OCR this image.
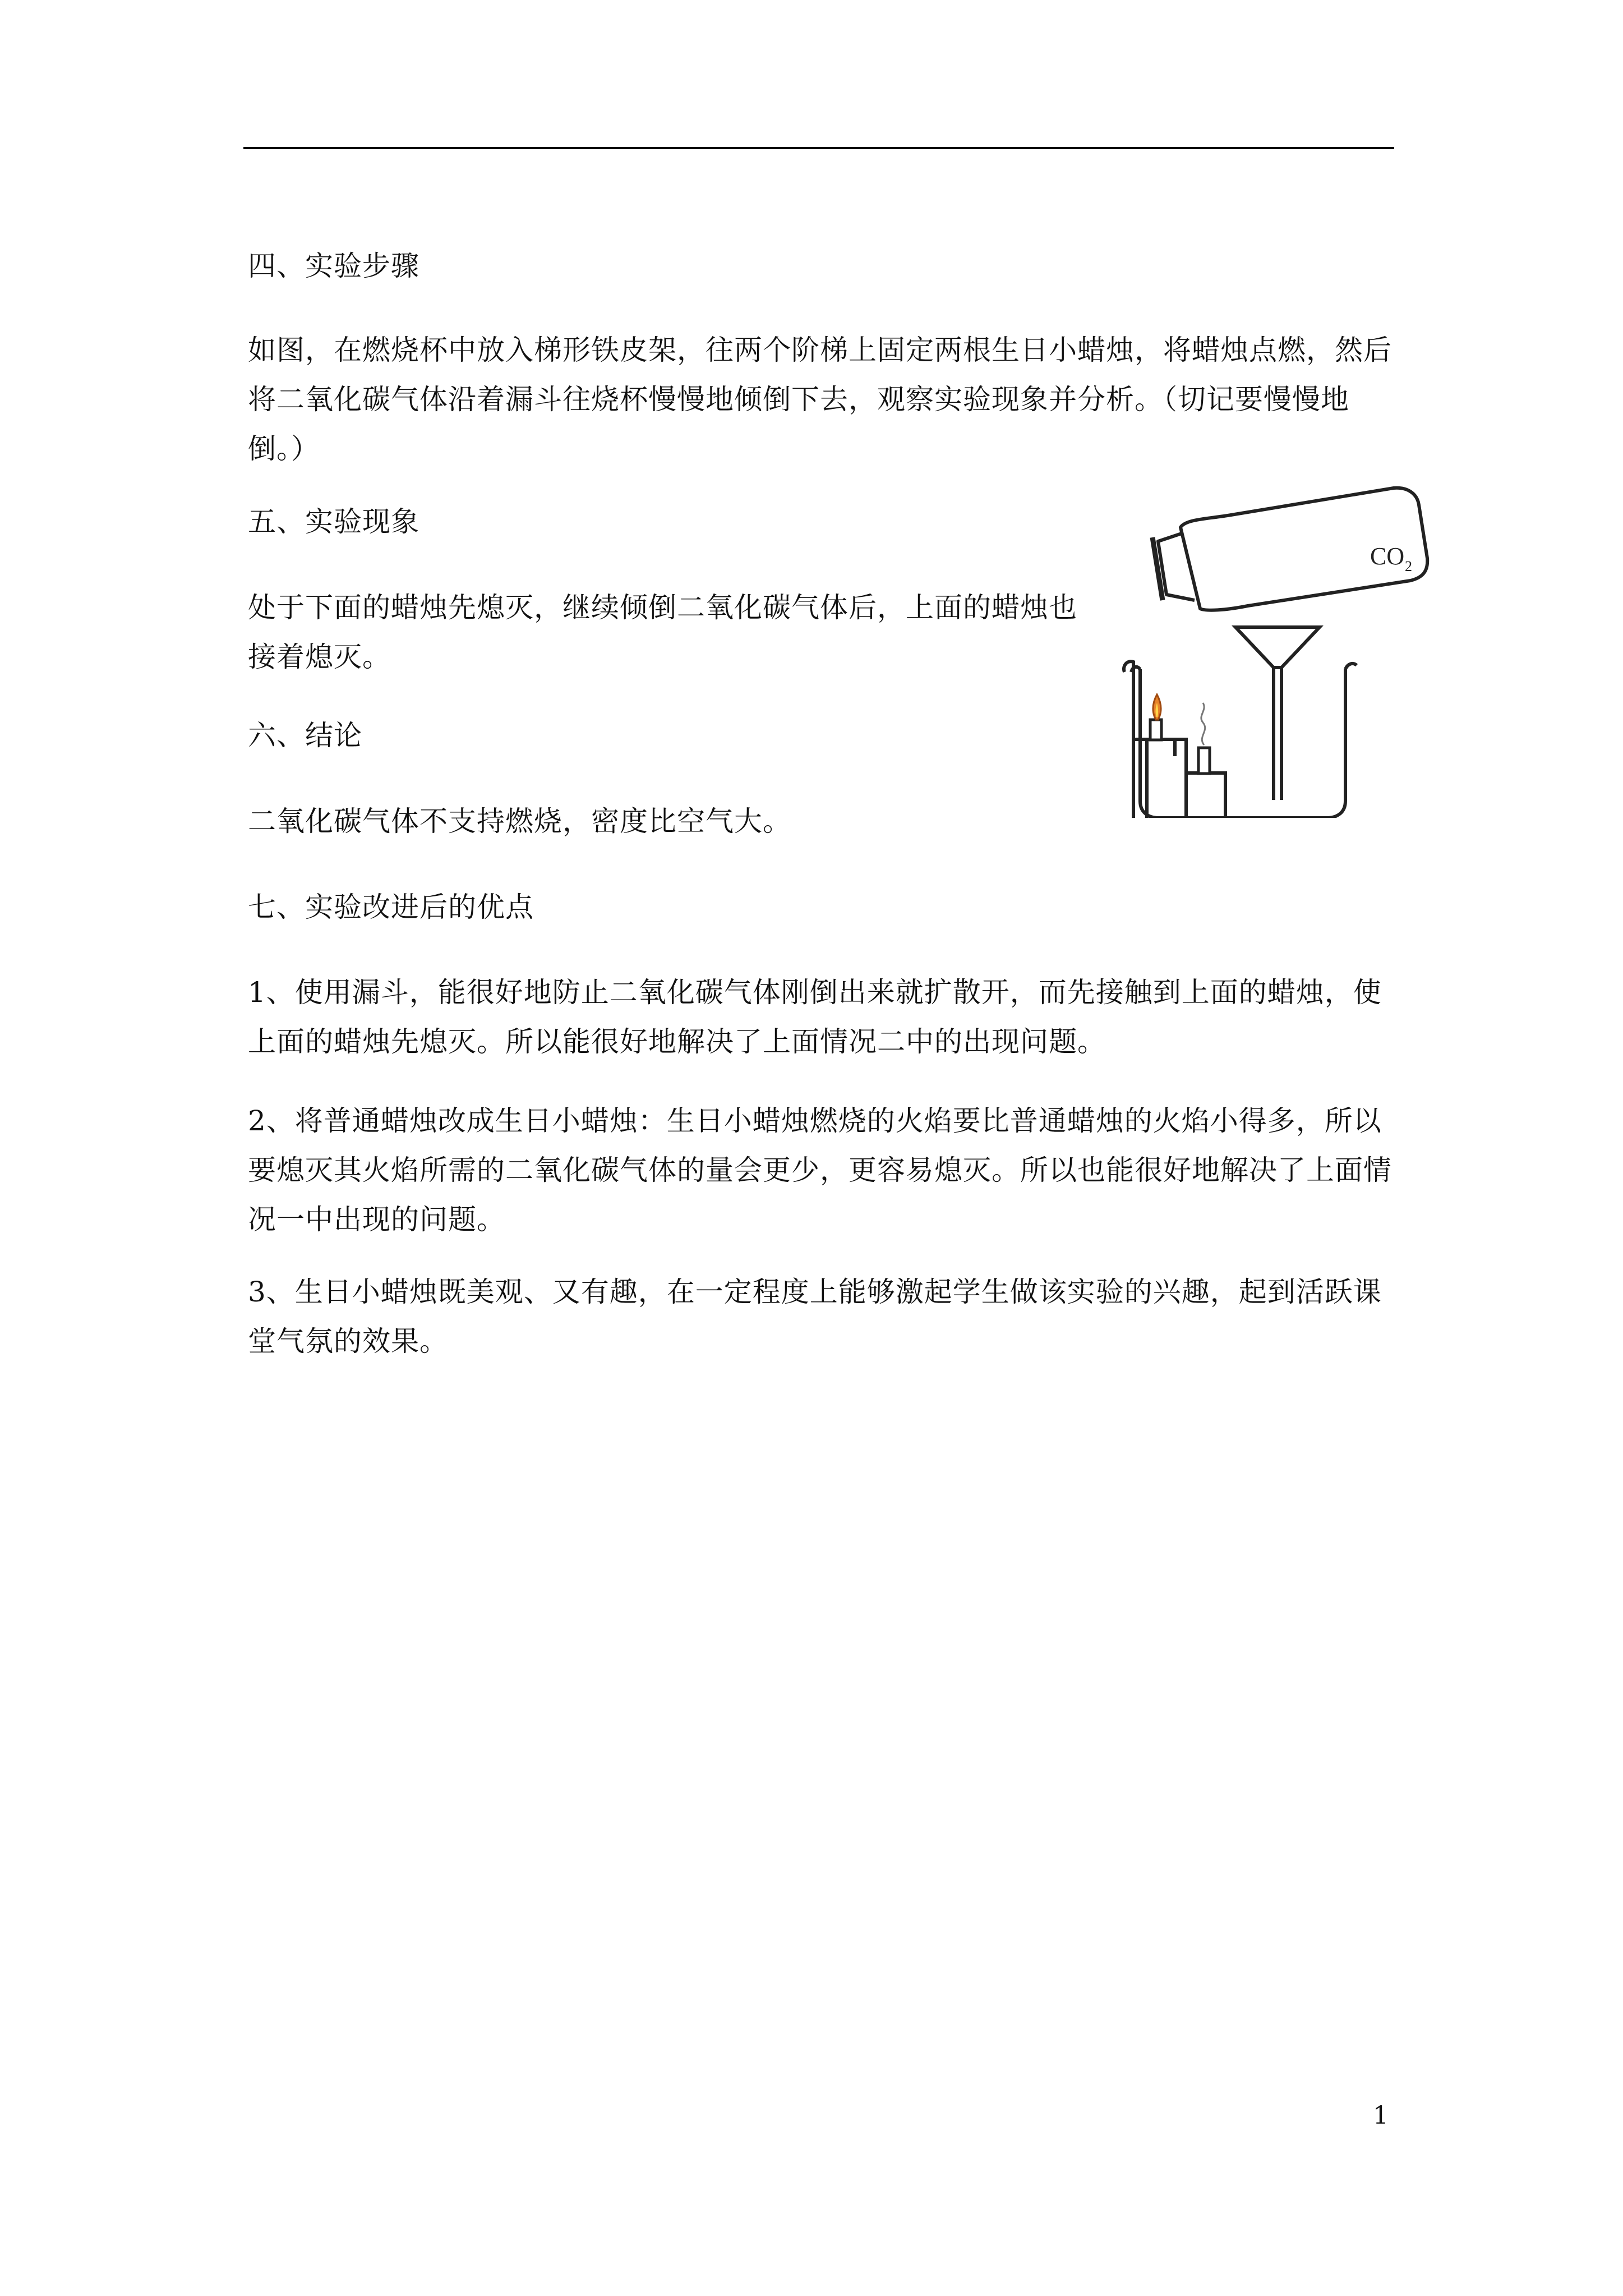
四、实验步骤
如图，在燃烧杯中放入梯形铁皮架，往两个阶梯上固定两根生日小蜡烛，将蜡烛点燃，然后
将二氧化碳气体沿着漏斗往烧杯慢慢地倾倒下去，观察实验现象并分析。（切记要慢慢地
倒。）
五、实验现象
处于下面的蜡烛先熄灭，继续倾倒二氧化碳气体后，上面的蜡烛也
接着熄灭。
六、结论
二氧化碳气体不支持燃烧，密度比空气大。
七、实验改进后的优点
1、使用漏斗，能很好地防止二氧化碳气体刚倒出来就扩散开，而先接触到上面的蜡烛，使
上面的蜡烛先熄灭。所以能很好地解决了上面情况二中的出现问题。
2、将普通蜡烛改成生日小蜡烛：生日小蜡烛燃烧的火焰要比普通蜡烛的火焰小得多，所以
要熄灭其火焰所需的二氧化碳气体的量会更少，更容易熄灭。所以也能很好地解决了上面情
况一中出现的问题。
3、生日小蜡烛既美观、又有趣，在一定程度上能够激起学生做该实验的兴趣，起到活跃课
堂气氛的效果。
CO 2
1
